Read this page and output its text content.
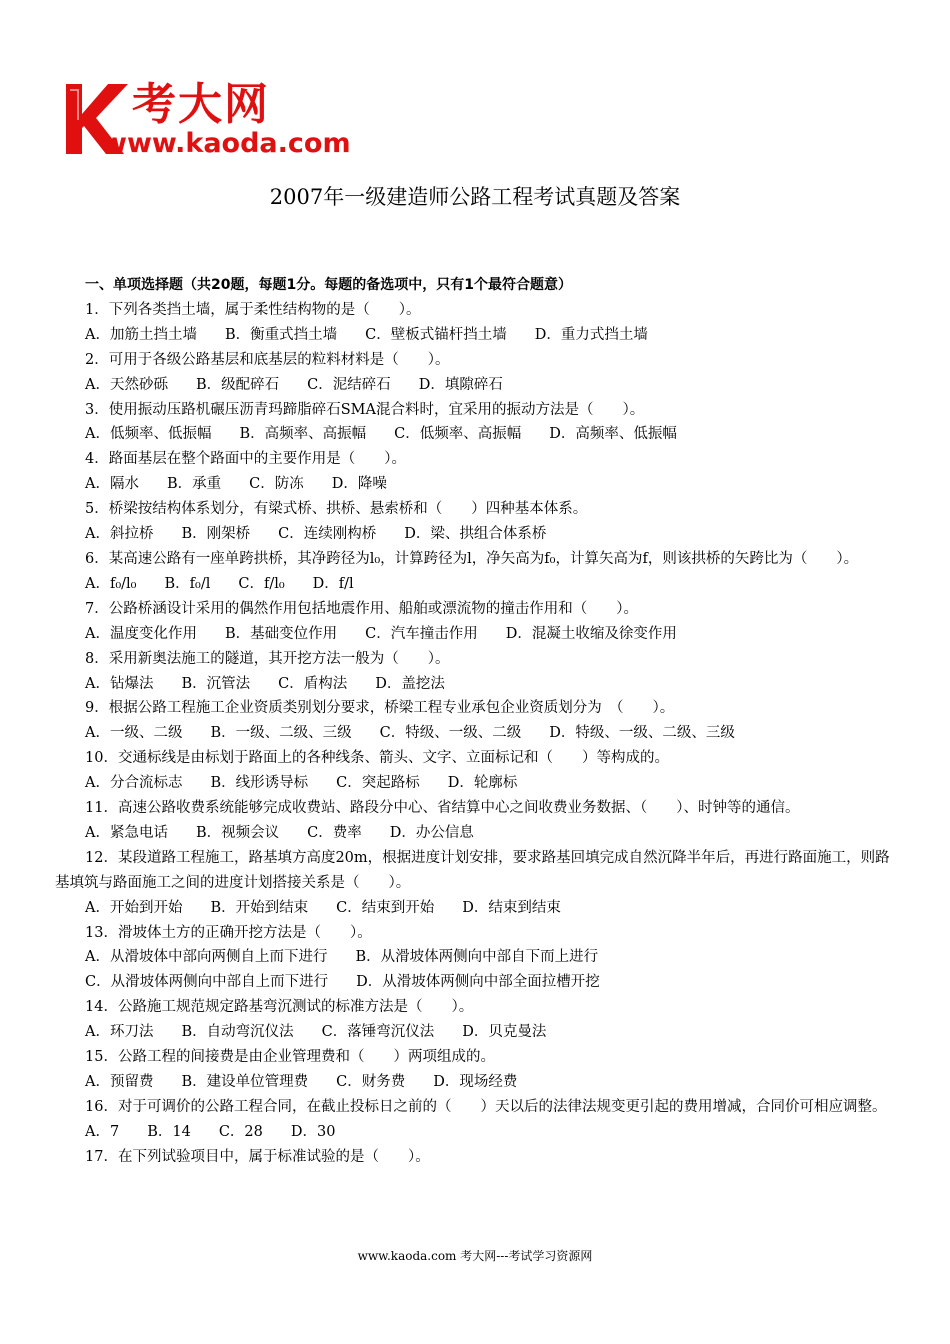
考大网
www.kaoda.com
2007年一级建造师公路工程考试真题及答案
一、单项选择题（共20题，每题1分。每题的备选项中，只有1个最符合题意）
1．下列各类挡土墙，属于柔性结构物的是（　　）。
A．加筋土挡土墙 B．衡重式挡土墙 C．壁板式锚杆挡土墙 D．重力式挡土墙
2．可用于各级公路基层和底基层的粒料材料是（　　）。
A．天然砂砾 B．级配碎石 C．泥结碎石 D．填隙碎石
3．使用振动压路机碾压沥青玛蹄脂碎石SMA混合料时，宜采用的振动方法是（　　）。
A．低频率、低振幅 B．高频率、高振幅 C．低频率、高振幅 D．高频率、低振幅
4．路面基层在整个路面中的主要作用是（　　）。
A．隔水 B．承重 C．防冻 D．降噪
5．桥梁按结构体系划分，有梁式桥、拱桥、悬索桥和（　　）四种基本体系。
A．斜拉桥 B．刚架桥 C．连续刚构桥 D．梁、拱组合体系桥
6．某高速公路有一座单跨拱桥，其净跨径为l₀，计算跨径为l，净矢高为f₀，计算矢高为f，则该拱桥的矢跨比为（　　）。
A．f₀/l₀ B．f₀/l C．f/l₀ D．f/l
7．公路桥涵设计采用的偶然作用包括地震作用、船舶或漂流物的撞击作用和（　　）。
A．温度变化作用 B．基础变位作用 C．汽车撞击作用 D．混凝土收缩及徐变作用
8．采用新奥法施工的隧道，其开挖方法一般为（　　）。
A．钻爆法 B．沉管法 C．盾构法 D．盖挖法
9．根据公路工程施工企业资质类别划分要求，桥梁工程专业承包企业资质划分为　（　　）。
A．一级、二级 B．一级、二级、三级 C．特级、一级、二级 D．特级、一级、二级、三级
10．交通标线是由标划于路面上的各种线条、箭头、文字、立面标记和（　　）等构成的。
A．分合流标志 B．线形诱导标 C．突起路标 D．轮廓标
11．高速公路收费系统能够完成收费站、路段分中心、省结算中心之间收费业务数据、（　　）、时钟等的通信。
A．紧急电话 B．视频会议 C．费率 D．办公信息
12．某段道路工程施工，路基填方高度20m，根据进度计划安排，要求路基回填完成自然沉降半年后，再进行路面施工，则路基填筑与路面施工之间的进度计划搭接关系是（　　）。
A．开始到开始 B．开始到结束 C．结束到开始 D．结束到结束
13．滑坡体土方的正确开挖方法是（　　）。
A．从滑坡体中部向两侧自上而下进行 B．从滑坡体两侧向中部自下而上进行
C．从滑坡体两侧向中部自上而下进行 D．从滑坡体两侧向中部全面拉槽开挖
14．公路施工规范规定路基弯沉测试的标准方法是（　　）。
A．环刀法 B．自动弯沉仪法 C．落锤弯沉仪法 D．贝克曼法
15．公路工程的间接费是由企业管理费和（　　）两项组成的。
A．预留费 B．建设单位管理费 C．财务费 D．现场经费
16．对于可调价的公路工程合同，在截止投标日之前的（　　）天以后的法律法规变更引起的费用增减，合同价可相应调整。
A．7 B．14 C．28 D．30
17．在下列试验项目中，属于标准试验的是（　　）。
www.kaoda.com 考大网---考试学习资源网
